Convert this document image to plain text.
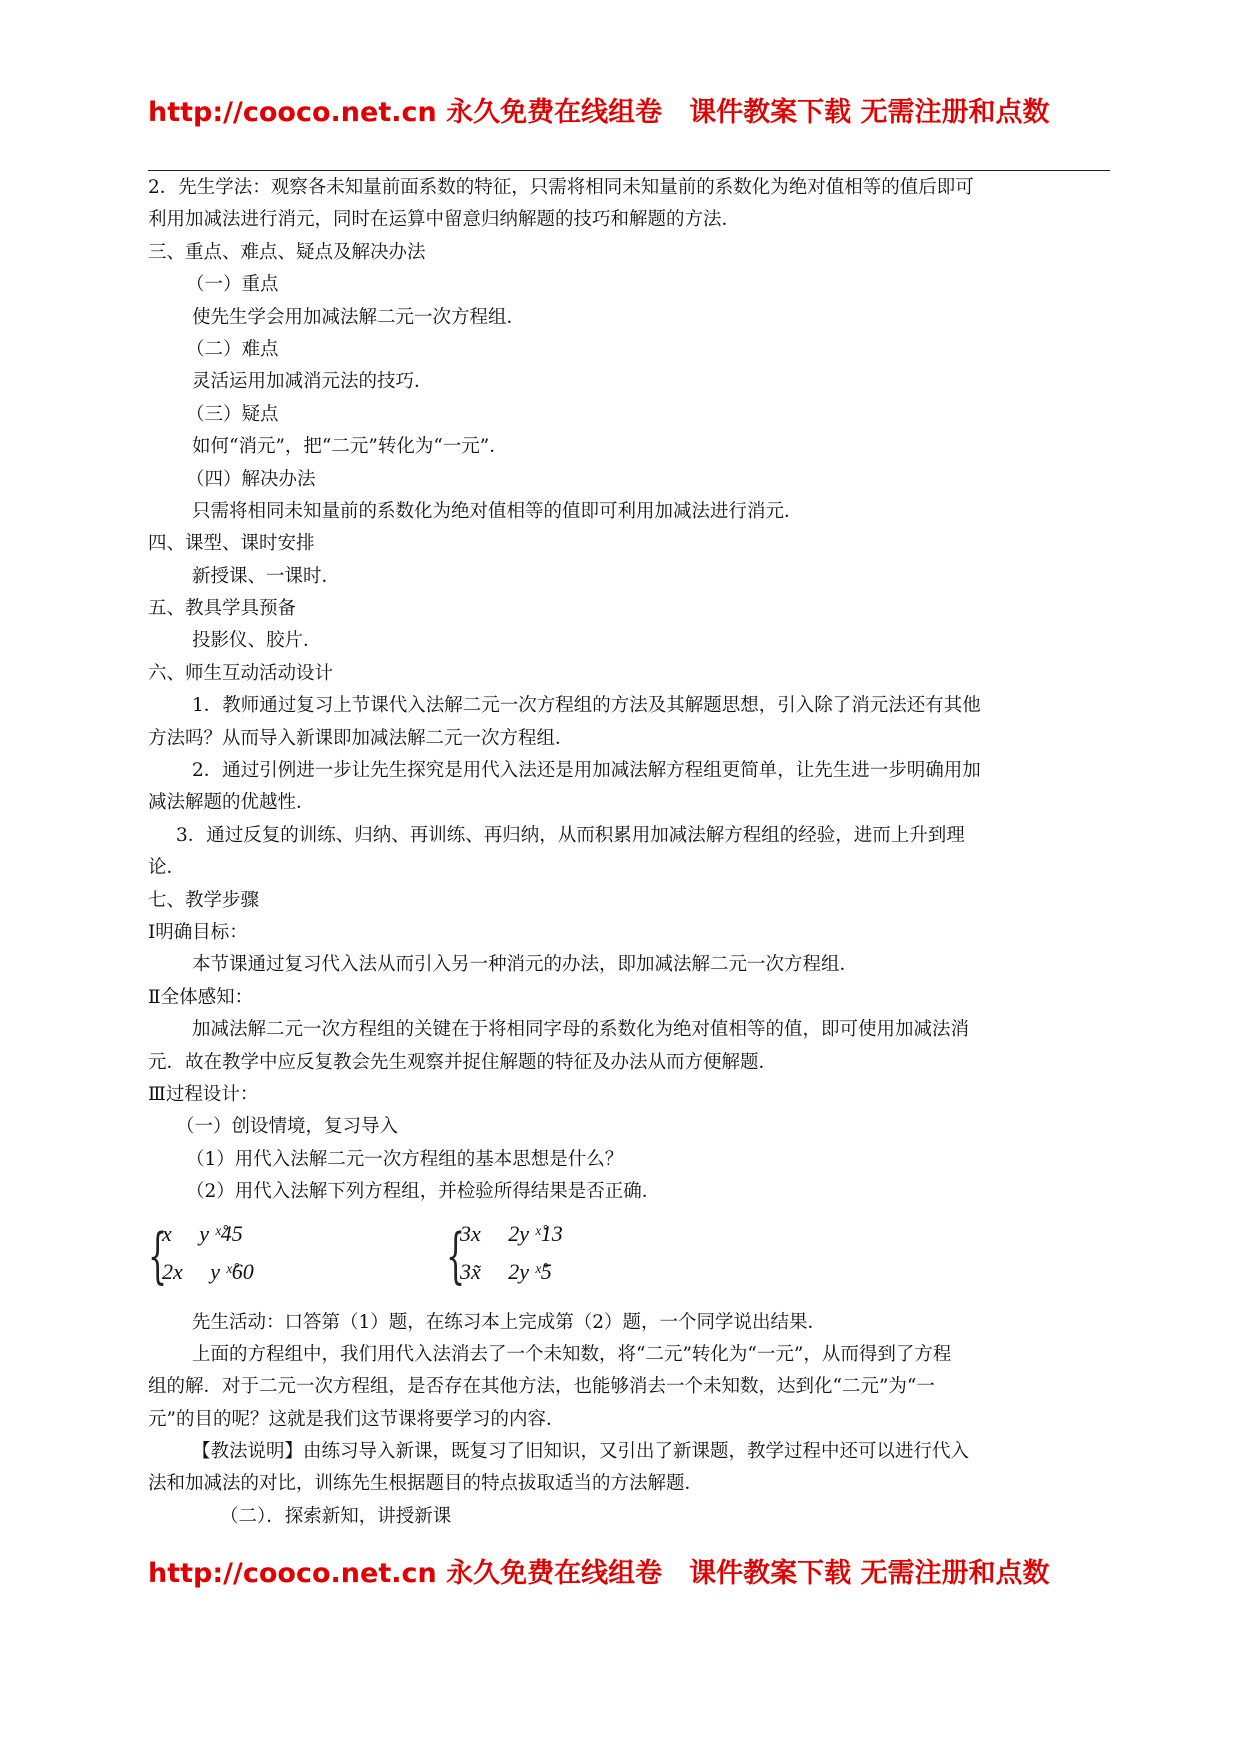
http://cooco.net.cn 永久免费在线组卷　课件教案下载 无需注册和点数
2．先生学法：观察各未知量前面系数的特征，只需将相同未知量前的系数化为绝对值相等的值后即可
利用加减法进行消元，同时在运算中留意归纳解题的技巧和解题的方法．
三、重点、难点、疑点及解决办法
（一）重点
使先生学会用加减法解二元一次方程组．
（二）难点
灵活运用加减消元法的技巧．
（三）疑点
如何“消元”，把“二元”转化为“一元”．
（四）解决办法
只需将相同未知量前的系数化为绝对值相等的值即可利用加减法进行消元．
四、课型、课时安排
新授课、一课时．
五、教具学具预备
投影仪、胶片．
六、师生互动活动设计
1．教师通过复习上节课代入法解二元一次方程组的方法及其解题思想，引入除了消元法还有其他
方法吗？从而导入新课即加减法解二元一次方程组．
2．通过引例进一步让先生探究是用代入法还是用加减法解方程组更简单，让先生进一步明确用加
减法解题的优越性．
3．通过反复的训练、归纳、再训练、再归纳，从而积累用加减法解方程组的经验，进而上升到理
论．
七、教学步骤
Ⅰ明确目标：
本节课通过复习代入法从而引入另一种消元的办法，即加减法解二元一次方程组．
Ⅱ全体感知：
加减法解二元一次方程组的关键在于将相同字母的系数化为绝对值相等的值，即可使用加减法消
元．故在教学中应反复教会先生观察并捉住解题的特征及办法从而方便解题．
Ⅲ过程设计：
（一）创设情境，复习导入
（1）用代入法解二元一次方程组的基本思想是什么？
（2）用代入法解下列方程组，并检验所得结果是否正确．
{
x     y ˣ̊45
2x     y ˣ̊60	{
3x     2y ˣ̊13
3x̃     2y ˣ̊5
先生活动：口答第（1）题，在练习本上完成第（2）题，一个同学说出结果．
上面的方程组中，我们用代入法消去了一个未知数，将“二元”转化为“一元”，从而得到了方程
组的解．对于二元一次方程组，是否存在其他方法，也能够消去一个未知数，达到化“二元”为“一
元”的目的呢？这就是我们这节课将要学习的内容．
【教法说明】由练习导入新课，既复习了旧知识，又引出了新课题，教学过程中还可以进行代入
法和加减法的对比，训练先生根据题目的特点拔取适当的方法解题．
（二）．探索新知，讲授新课
http://cooco.net.cn 永久免费在线组卷　课件教案下载 无需注册和点数
